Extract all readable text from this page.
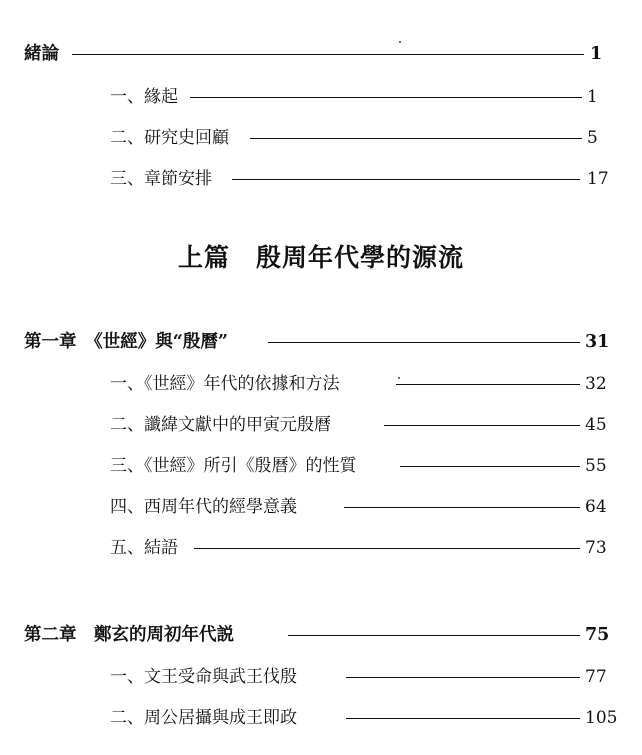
緒論	1
一、緣起	1
二、研究史回顧	5
三、章節安排	17
上篇　殷周年代學的源流
第一章　《世經》與“殷曆”	31
一、《世經》年代的依據和方法	32
二、讖緯文獻中的甲寅元殷曆	45
三、《世經》所引《殷曆》的性質	55
四、西周年代的經學意義	64
五、結語	73
第二章　鄭玄的周初年代説	75
一、文王受命與武王伐殷	77
二、周公居攝與成王即政	105
